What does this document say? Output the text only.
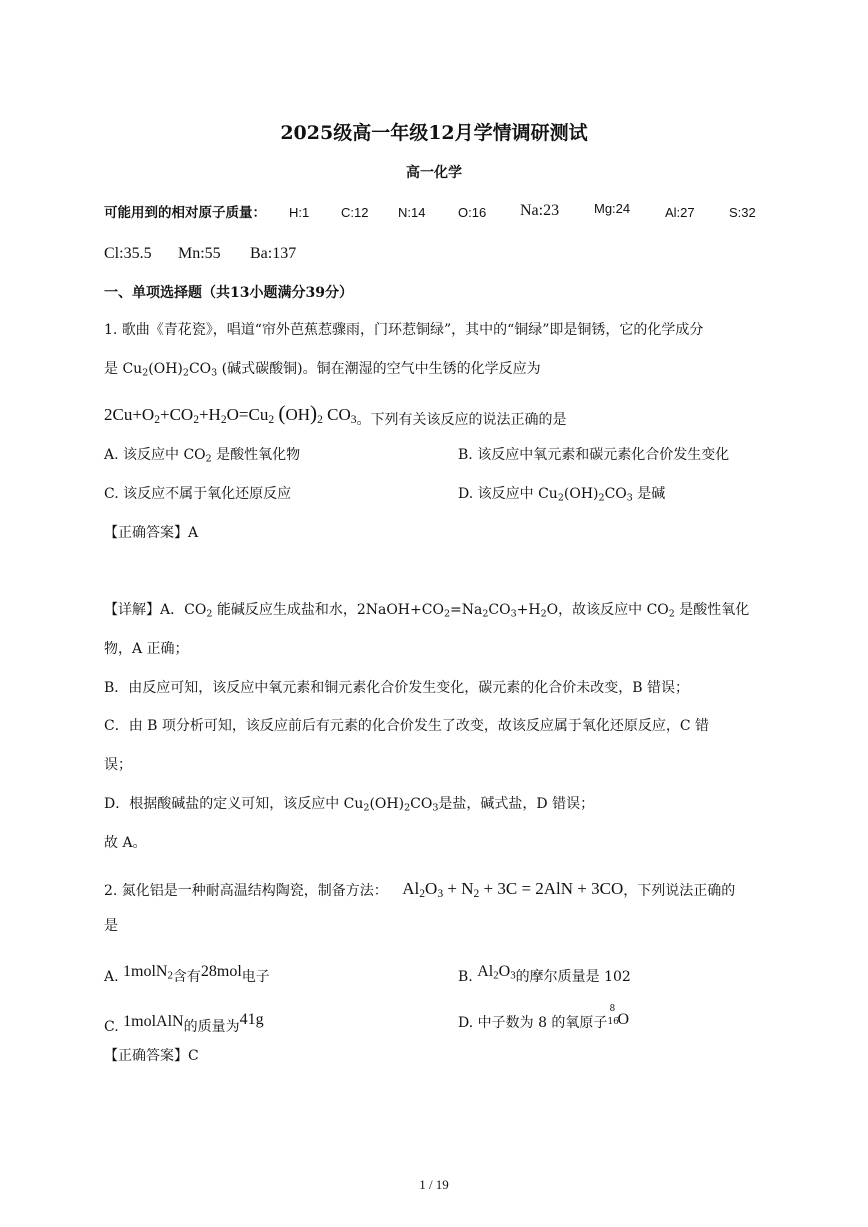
2025级高一年级12月学情调研测试
高一化学
可能用到的相对原子质量： H:1 C:12 N:14	O:16 Na:23	Mg:24	Al:27	S:32
Cl:35.5 Mn:55 Ba:137
一、单项选择题（共13小题满分39分）
1. 歌曲《青花瓷》，唱道“帘外芭蕉惹骤雨，门环惹铜绿”，其中的“铜绿”即是铜锈，它的化学成分
是 $Cu_2(OH)_2CO_3$ (碱式碳酸铜)。铜在潮湿的空气中生锈的化学反应为
$2Cu+O_2+CO_2+H_2O=Cu_2$ $(OH)_2$ $CO_3$。下列有关该反应的说法正确的是
A. 该反应中 $CO_2$ 是酸性氧化物	B. 该反应中氧元素和碳元素化合价发生变化
C. 该反应不属于氧化还原反应	D. 该反应中 $Cu_2(OH)_2CO_3$ 是碱
【正确答案】A
【详解】A．$CO_2$ 能碱反应生成盐和水，$2NaOH+CO_2=Na_2CO_3+H_2O$，故该反应中 $CO_2$ 是酸性氧化
物，A 正确；
B．由反应可知，该反应中氧元素和铜元素化合价发生变化，碳元素的化合价未改变，B 错误；
C．由 B 项分析可知，该反应前后有元素的化合价发生了改变，故该反应属于氧化还原反应，C 错
误；
D．根据酸碱盐的定义可知，该反应中 $Cu_2(OH)_2CO_3$是盐，碱式盐，D 错误；
故 A。
2. 氮化铝是一种耐高温结构陶瓷，制备方法： $Al_2O_3 + N_2 + 3C = 2AlN + 3CO$，下列说法正确的
是
A. 1molN$_2$含有28mol电子	B. $Al_2O_3$的摩尔质量是 102
C. 1molAlN的质量为41g	D. 中子数为 8 的氧原子
8
16
O
【正确答案】C
1 / 19
